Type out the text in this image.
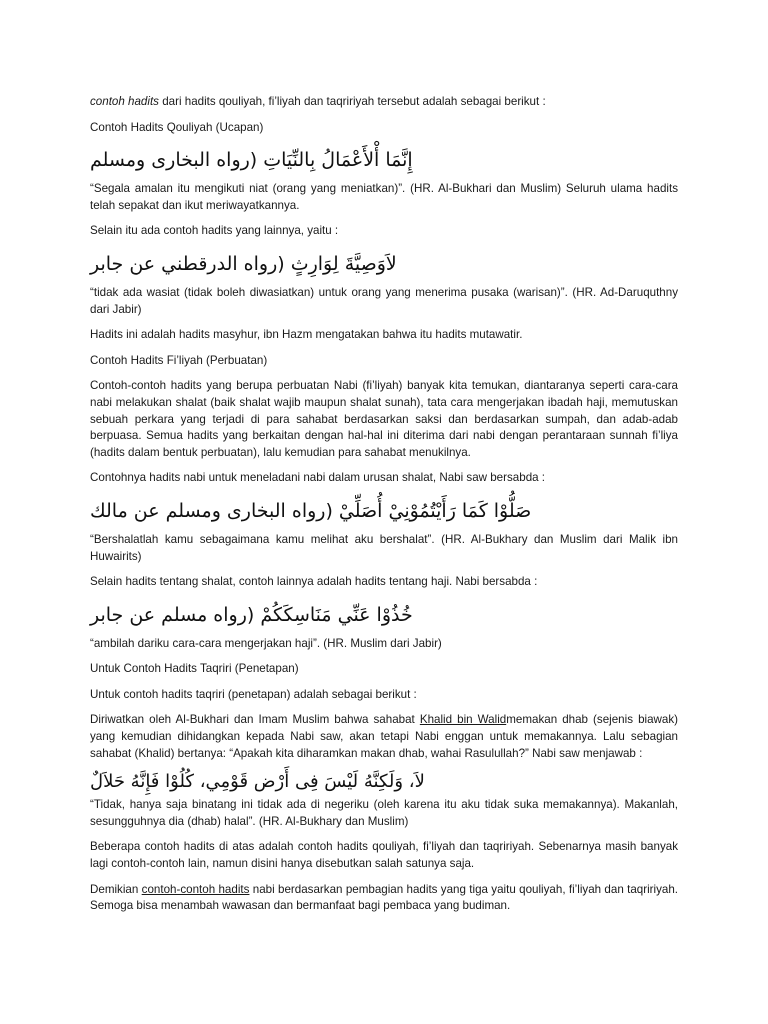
contoh hadits dari hadits qouliyah, fi’liyah dan taqririyah tersebut adalah sebagai berikut :

Contoh Hadits Qouliyah (Ucapan)

إِنَّمَا أْلأَعْمَالُ بِالنِّيَاتِ (رواه البخارى ومسلم

“Segala amalan itu mengikuti niat (orang yang meniatkan)”. (HR. Al-Bukhari dan Muslim) Seluruh ulama hadits telah sepakat dan ikut meriwayatkannya.

Selain itu ada contoh hadits yang lainnya, yaitu :

لاَوَصِيَّةَ لِوَارِثٍ (رواه الدرقطني عن جابر

“tidak ada wasiat (tidak boleh diwasiatkan) untuk orang yang menerima pusaka (warisan)”. (HR. Ad-Daruquthny dari Jabir)

Hadits ini adalah hadits masyhur, ibn Hazm mengatakan bahwa itu hadits mutawatir.

Contoh Hadits Fi’liyah (Perbuatan)

Contoh-contoh hadits yang berupa perbuatan Nabi (fi’liyah) banyak kita temukan, diantaranya seperti cara-cara nabi melakukan shalat (baik shalat wajib maupun shalat sunah), tata cara mengerjakan ibadah haji, memutuskan sebuah perkara yang terjadi di para sahabat berdasarkan saksi dan berdasarkan sumpah, dan adab-adab berpuasa. Semua hadits yang berkaitan dengan hal-hal ini diterima dari nabi dengan perantaraan sunnah fi’liya (hadits dalam bentuk perbuatan), lalu kemudian para sahabat menukilnya.

Contohnya hadits nabi untuk meneladani nabi dalam urusan shalat, Nabi saw bersabda :

صَلُّوْا كَمَا رَأَيْتُمُوْنِيْ أُصَلِّيْ (رواه البخارى ومسلم عن مالك

“Bershalatlah kamu sebagaimana kamu melihat aku bershalat”. (HR. Al-Bukhary dan Muslim dari Malik ibn Huwairits)

Selain hadits tentang shalat, contoh lainnya adalah hadits tentang haji. Nabi bersabda :

خُذُوْا عَنِّي مَنَاسِكَكُمْ (رواه مسلم عن جابر

“ambilah dariku cara-cara mengerjakan haji”. (HR. Muslim dari Jabir)

Untuk Contoh Hadits Taqriri (Penetapan)

Untuk contoh hadits taqriri (penetapan) adalah sebagai berikut :

Diriwatkan oleh Al-Bukhari dan Imam Muslim bahwa sahabat Khalid bin Walidmemakan dhab (sejenis biawak) yang kemudian dihidangkan kepada Nabi saw, akan tetapi Nabi enggan untuk memakannya. Lalu sebagian sahabat (Khalid) bertanya: “Apakah kita diharamkan makan dhab, wahai Rasulullah?” Nabi saw menjawab :

لاَ، وَلَكِنَّهُ لَيْسَ فِى أَرْض قَوْمِي، كُلُوْا فَإِنَّهُ حَلاَلٌ

“Tidak, hanya saja binatang ini tidak ada di negeriku (oleh karena itu aku tidak suka memakannya). Makanlah, sesungguhnya dia (dhab) halal”. (HR. Al-Bukhary dan Muslim)

Beberapa contoh hadits di atas adalah contoh hadits qouliyah, fi’liyah dan taqririyah. Sebenarnya masih banyak lagi contoh-contoh lain, namun disini hanya disebutkan salah satunya saja.

Demikian contoh-contoh hadits nabi berdasarkan pembagian hadits yang tiga yaitu qouliyah, fi’liyah dan taqririyah. Semoga bisa menambah wawasan dan bermanfaat bagi pembaca yang budiman.
